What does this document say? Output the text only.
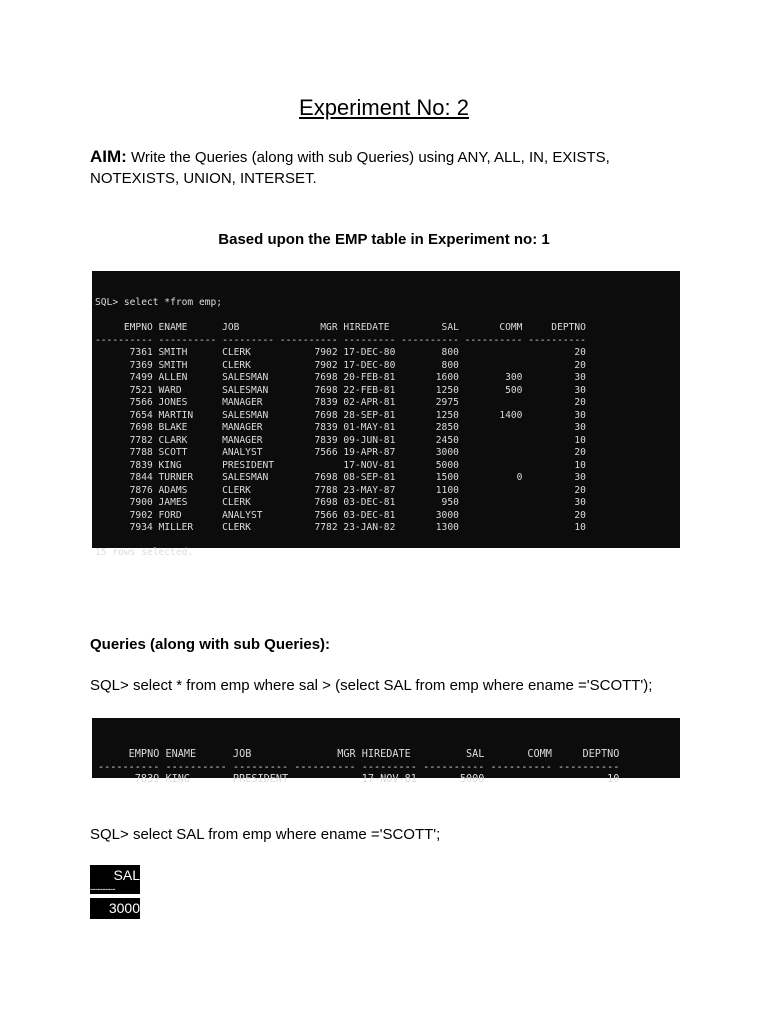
Experiment No: 2
AIM: Write the Queries (along with sub Queries) using ANY, ALL, IN, EXISTS, NOTEXISTS, UNION, INTERSET.
Based upon the EMP table in Experiment no: 1

SQL> select *from emp;
EMPNO ENAME      JOB              MGR HIREDATE         SAL       COMM     DEPTNO
---------- ---------- --------- ---------- --------- ---------- ---------- ----------
7361 SMITH      CLERK           7902 17-DEC-80        800                    20
7369 SMITH      CLERK           7902 17-DEC-80        800                    20
7499 ALLEN      SALESMAN        7698 20-FEB-81       1600        300         30
7521 WARD       SALESMAN        7698 22-FEB-81       1250        500         30
7566 JONES      MANAGER         7839 02-APR-81       2975                    20
7654 MARTIN     SALESMAN        7698 28-SEP-81       1250       1400         30
7698 BLAKE      MANAGER         7839 01-MAY-81       2850                    30
7782 CLARK      MANAGER         7839 09-JUN-81       2450                    10
7788 SCOTT      ANALYST         7566 19-APR-87       3000                    20
7839 KING       PRESIDENT            17-NOV-81       5000                    10
7844 TURNER     SALESMAN        7698 08-SEP-81       1500          0         30
7876 ADAMS      CLERK           7788 23-MAY-87       1100                    20
7900 JAMES      CLERK           7698 03-DEC-81        950                    30
7902 FORD       ANALYST         7566 03-DEC-81       3000                    20
7934 MILLER     CLERK           7782 23-JAN-82       1300                    10
15 rows selected.

Queries (along with sub Queries):
SQL> select * from emp where sal > (select SAL from emp where ename ='SCOTT');

EMPNO ENAME      JOB              MGR HIREDATE         SAL       COMM     DEPTNO
---------- ---------- --------- ---------- --------- ---------- ---------- ----------
7839 KING       PRESIDENT            17-NOV-81       5000                    10

SQL> select SAL from emp where ename ='SCOTT';
SAL
----------
3000
